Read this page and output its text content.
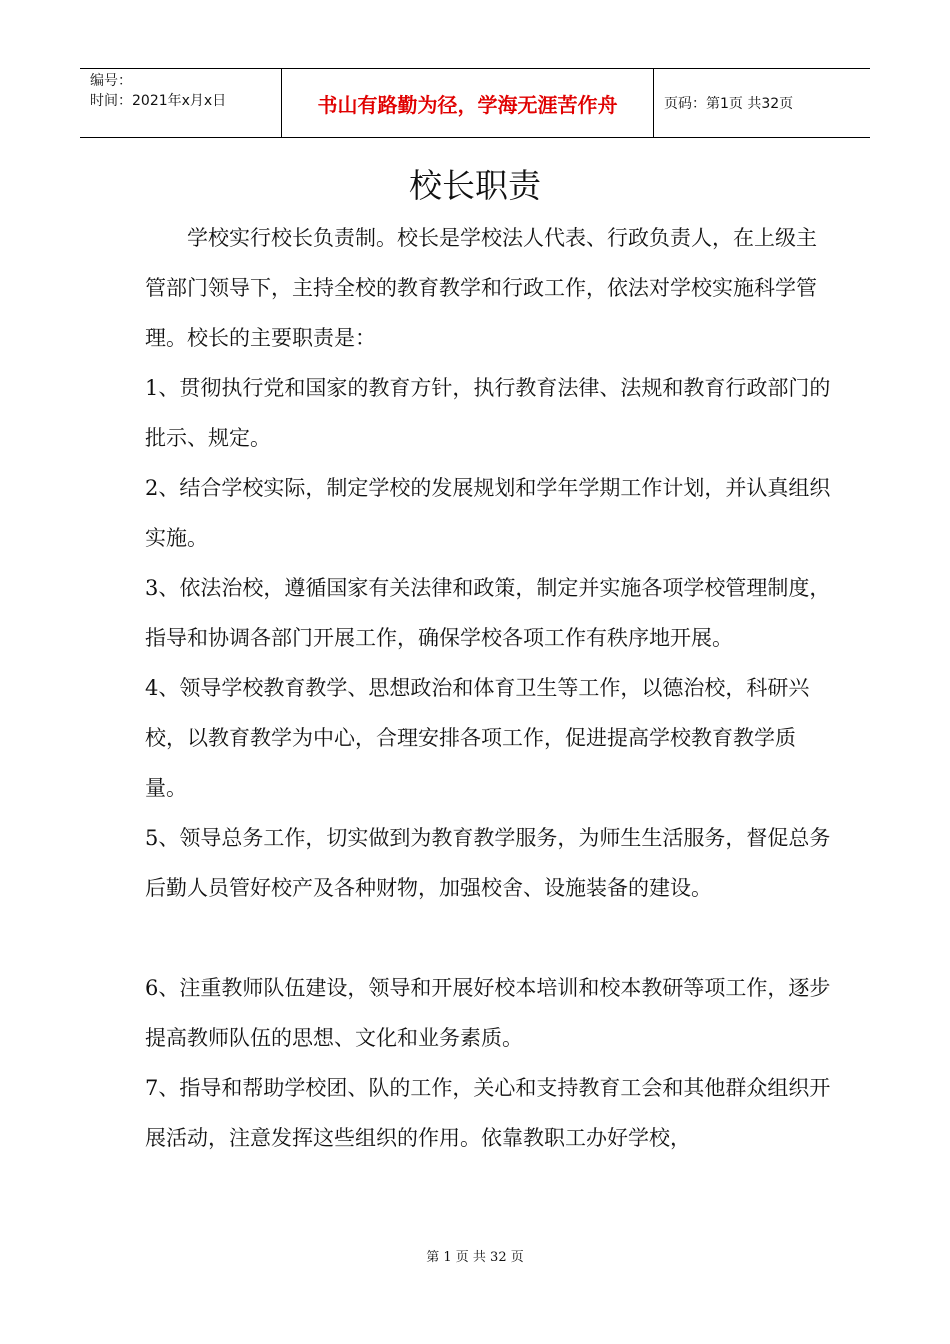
编号：
时间：2021年x月x日	书山有路勤为径，学海无涯苦作舟	页码：第1页 共32页
校长职责

学校实行校长负责制。校长是学校法人代表、行政负责人，在上级主管部门领导下，主持全校的教育教学和行政工作，依法对学校实施科学管理。校长的主要职责是：

1、贯彻执行党和国家的教育方针，执行教育法律、法规和教育行政部门的批示、规定。

2、结合学校实际，制定学校的发展规划和学年学期工作计划，并认真组织实施。

3、依法治校，遵循国家有关法律和政策，制定并实施各项学校管理制度，指导和协调各部门开展工作，确保学校各项工作有秩序地开展。

4、领导学校教育教学、思想政治和体育卫生等工作，以德治校，科研兴校，以教育教学为中心，合理安排各项工作，促进提高学校教育教学质量。

5、领导总务工作，切实做到为教育教学服务，为师生生活服务，督促总务后勤人员管好校产及各种财物，加强校舍、设施装备的建设。

6、注重教师队伍建设，领导和开展好校本培训和校本教研等项工作，逐步提高教师队伍的思想、文化和业务素质。

7、指导和帮助学校团、队的工作，关心和支持教育工会和其他群众组织开展活动，注意发挥这些组织的作用。依靠教职工办好学校，

第 1 页 共 32 页
